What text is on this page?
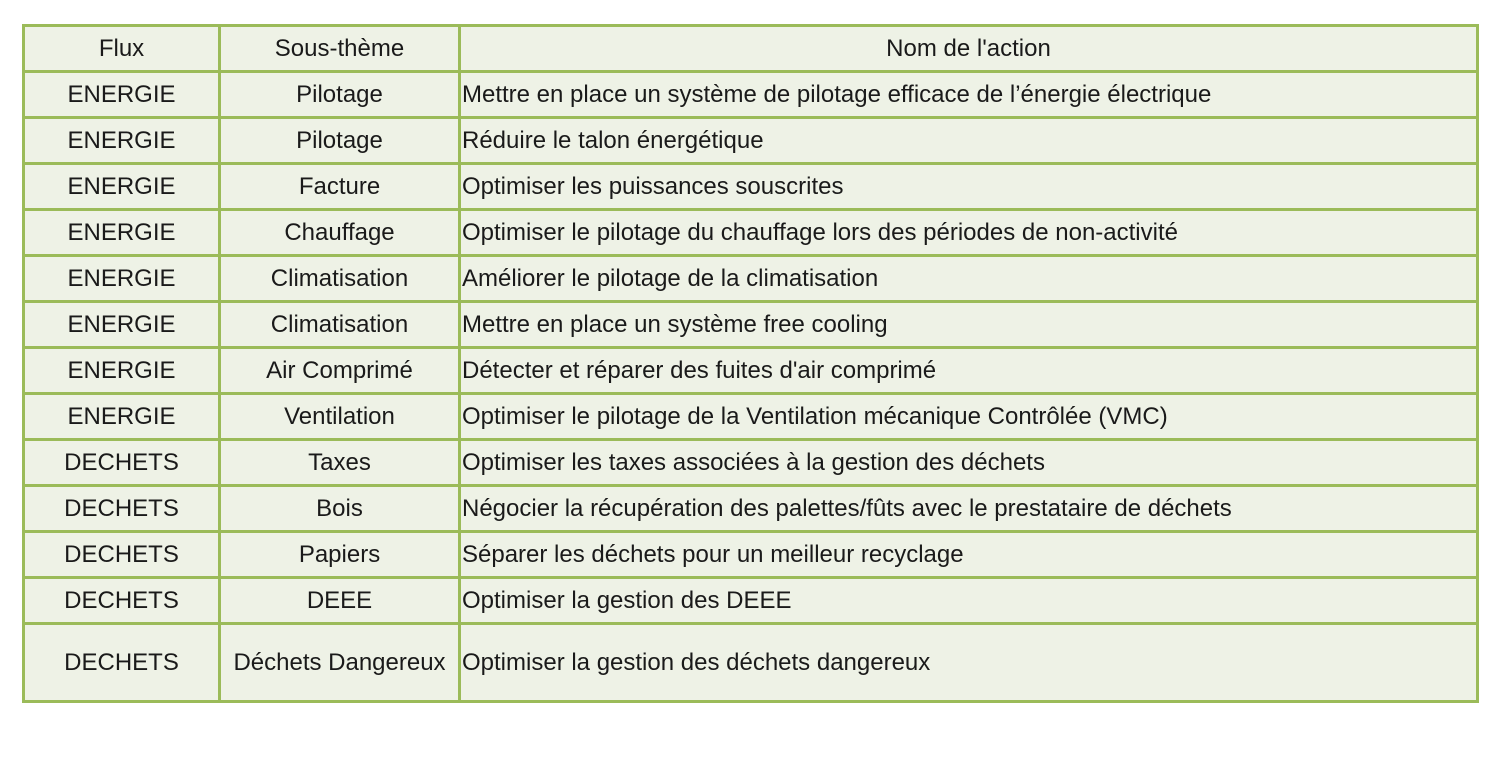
Flux	Sous-thème	Nom de l'action
ENERGIE	Pilotage	Mettre en place un système de pilotage efficace de l’énergie électrique
ENERGIE	Pilotage	Réduire le talon énergétique
ENERGIE	Facture	Optimiser les puissances souscrites
ENERGIE	Chauffage	Optimiser le pilotage du chauffage lors des périodes de non-activité
ENERGIE	Climatisation	Améliorer le pilotage de la climatisation
ENERGIE	Climatisation	Mettre en place un système free cooling
ENERGIE	Air Comprimé	Détecter et réparer des fuites d'air comprimé
ENERGIE	Ventilation	Optimiser le pilotage de la Ventilation mécanique Contrôlée (VMC)
DECHETS	Taxes	Optimiser les taxes associées à la gestion des déchets
DECHETS	Bois	Négocier la récupération des palettes/fûts avec le prestataire de déchets
DECHETS	Papiers	Séparer les déchets pour un meilleur recyclage
DECHETS	DEEE	Optimiser la gestion des DEEE
DECHETS	Déchets Dangereux	Optimiser la gestion des déchets dangereux
